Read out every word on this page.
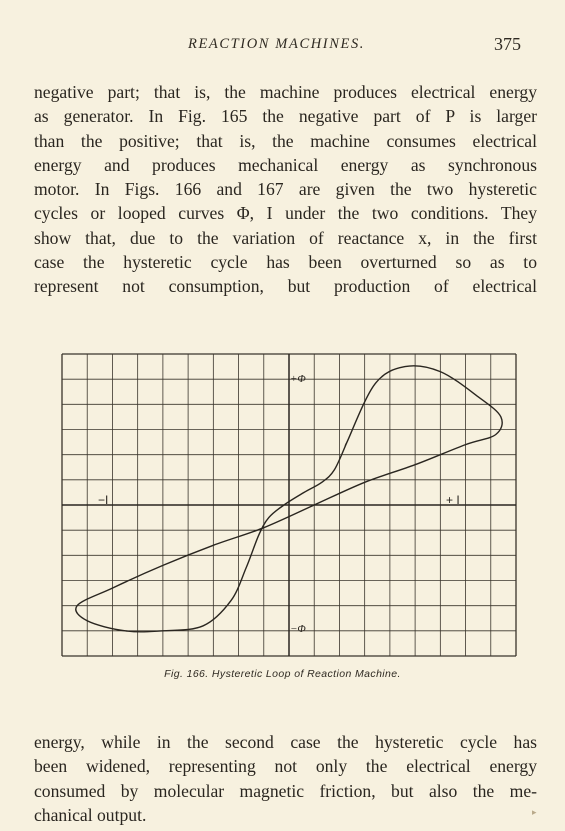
REACTION MACHINES.	375
negative part; that is, the machine produces electrical energy
as generator. In Fig. 165 the negative part of P is larger
than the positive; that is, the machine consumes electrical
energy and produces mechanical energy as synchronous
motor. In Figs. 166 and 167 are given the two hysteretic
cycles or looped curves Φ, I under the two conditions. They
show that, due to the variation of reactance x, in the first
case the hysteretic cycle has been overturned so as to
represent not consumption, but production of electrical
+Φ
−Φ
−I	+ I
Fig. 166. Hysteretic Loop of Reaction Machine.
energy, while in the second case the hysteretic cycle has
been widened, representing not only the electrical energy
consumed by molecular magnetic friction, but also the me-
chanical output.	▸
